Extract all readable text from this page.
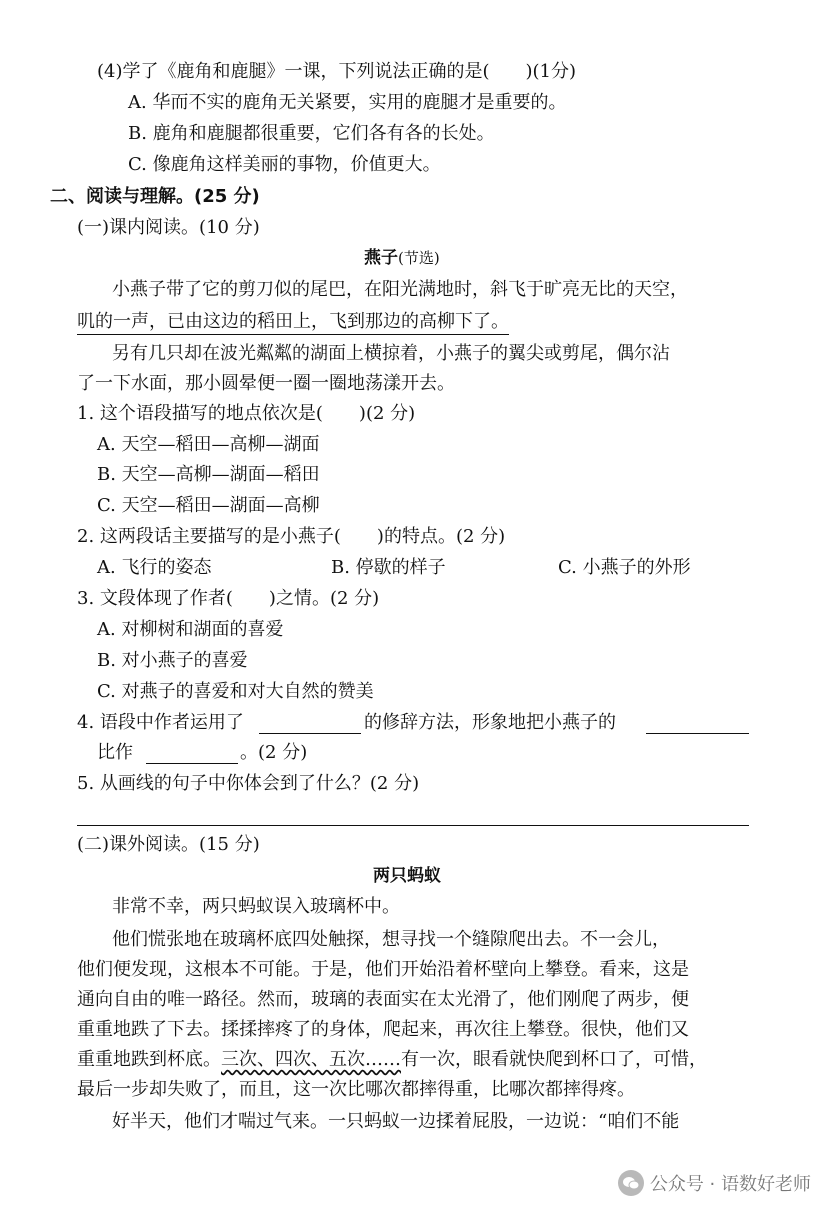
(4)学了《鹿角和鹿腿》一课，下列说法正确的是(　　)(1分)
A. 华而不实的鹿角无关紧要，实用的鹿腿才是重要的。
B. 鹿角和鹿腿都很重要，它们各有各的长处。
C. 像鹿角这样美丽的事物，价值更大。
二、阅读与理解。(25 分)
(一)课内阅读。(10 分)
燕子(节选)
小燕子带了它的剪刀似的尾巴，在阳光满地时，斜飞于旷亮无比的天空，
叽的一声，已由这边的稻田上，飞到那边的高柳下了。
另有几只却在波光粼粼的湖面上横掠着，小燕子的翼尖或剪尾，偶尔沾
了一下水面，那小圆晕便一圈一圈地荡漾开去。
1. 这个语段描写的地点依次是(　　)(2 分)
A. 天空—稻田—高柳—湖面
B. 天空—高柳—湖面—稻田
C. 天空—稻田—湖面—高柳
2. 这两段话主要描写的是小燕子(　　)的特点。(2 分)
A. 飞行的姿态	B. 停歇的样子	C. 小燕子的外形
3. 文段体现了作者(　　)之情。(2 分)
A. 对柳树和湖面的喜爱
B. 对小燕子的喜爱
C. 对燕子的喜爱和对大自然的赞美
4. 语段中作者运用了	的修辞方法，形象地把小燕子的
比作	。(2 分)
5. 从画线的句子中你体会到了什么？(2 分)
(二)课外阅读。(15 分)
两只蚂蚁
非常不幸，两只蚂蚁误入玻璃杯中。
他们慌张地在玻璃杯底四处触探，想寻找一个缝隙爬出去。不一会儿，
他们便发现，这根本不可能。于是，他们开始沿着杯壁向上攀登。看来，这是
通向自由的唯一路径。然而，玻璃的表面实在太光滑了，他们刚爬了两步，便
重重地跌了下去。揉揉摔疼了的身体，爬起来，再次往上攀登。很快，他们又
重重地跌到杯底。三次、四次、五次……有一次，眼看就快爬到杯口了，可惜，
最后一步却失败了，而且，这一次比哪次都摔得重，比哪次都摔得疼。
好半天，他们才喘过气来。一只蚂蚁一边揉着屁股，一边说：“咱们不能
公众号 · 语数好老师
